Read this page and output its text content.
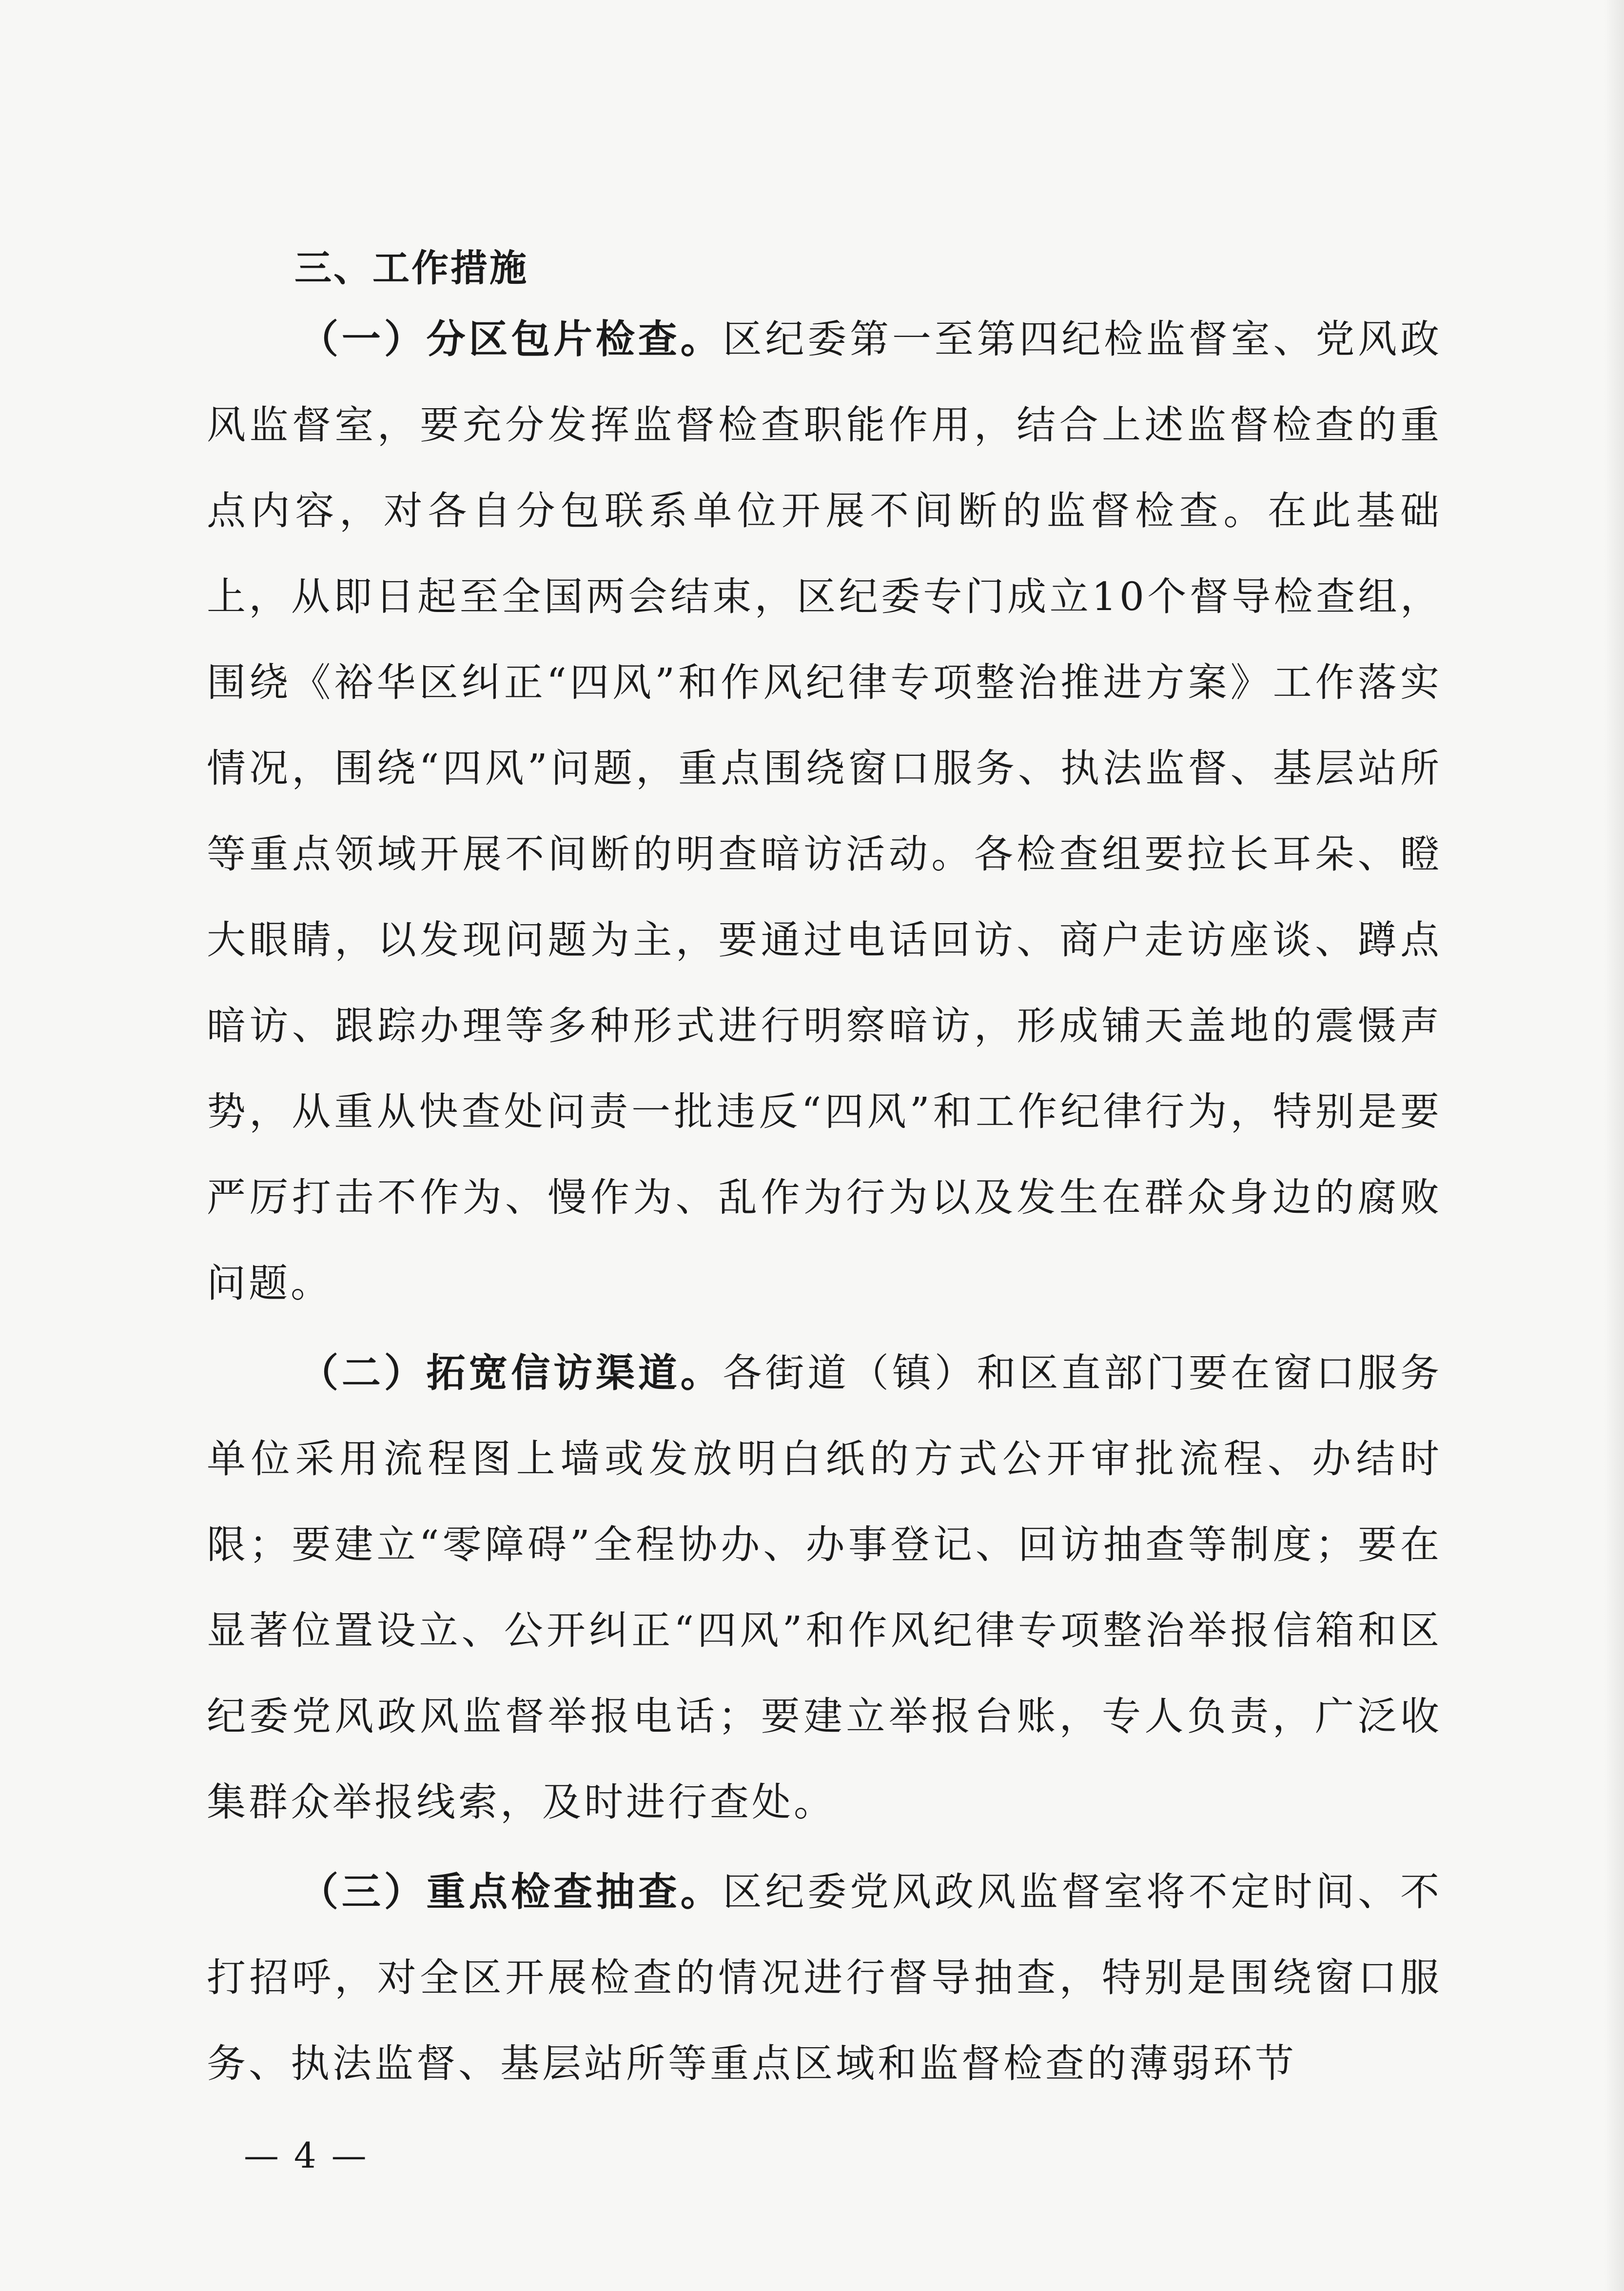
三、工作措施

（一）分区包片检查。区纪委第一至第四纪检监督室、党风政风监督室，要充分发挥监督检查职能作用，结合上述监督检查的重点内容，对各自分包联系单位开展不间断的监督检查。在此基础上，从即日起至全国两会结束，区纪委专门成立10个督导检查组，围绕《裕华区纠正“四风”和作风纪律专项整治推进方案》工作落实情况，围绕“四风”问题，重点围绕窗口服务、执法监督、基层站所等重点领域开展不间断的明查暗访活动。各检查组要拉长耳朵、瞪大眼睛，以发现问题为主，要通过电话回访、商户走访座谈、蹲点暗访、跟踪办理等多种形式进行明察暗访，形成铺天盖地的震慑声势，从重从快查处问责一批违反“四风”和工作纪律行为，特别是要严厉打击不作为、慢作为、乱作为行为以及发生在群众身边的腐败问题。

（二）拓宽信访渠道。各街道（镇）和区直部门要在窗口服务单位采用流程图上墙或发放明白纸的方式公开审批流程、办结时限；要建立“零障碍”全程协办、办事登记、回访抽查等制度；要在显著位置设立、公开纠正“四风”和作风纪律专项整治举报信箱和区纪委党风政风监督举报电话；要建立举报台账，专人负责，广泛收集群众举报线索，及时进行查处。

（三）重点检查抽查。区纪委党风政风监督室将不定时间、不打招呼，对全区开展检查的情况进行督导抽查，特别是围绕窗口服务、执法监督、基层站所等重点区域和监督检查的薄弱环节

— 4 —
